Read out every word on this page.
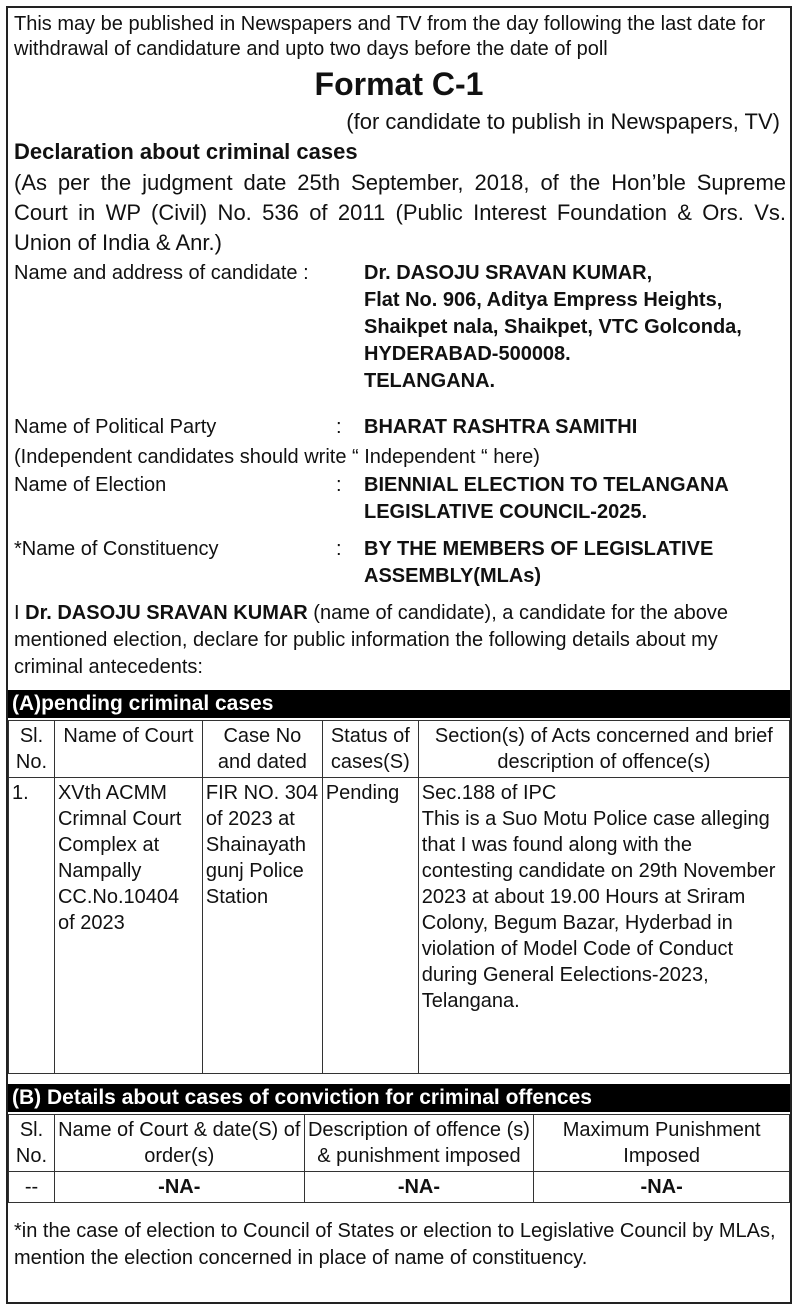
This may be published in Newspapers and TV from the day following the last date for withdrawal of candidature and upto two days before the date of poll
Format C-1
(for candidate to publish in Newspapers, TV)
Declaration about criminal cases
(As per the judgment date 25th September, 2018, of the Hon’ble Supreme Court in WP (Civil) No. 536 of 2011 (Public Interest Foundation & Ors. Vs. Union of India & Anr.)
Name and address of candidate :	Dr. DASOJU SRAVAN KUMAR,
Flat No. 906, Aditya Empress Heights,
Shaikpet nala, Shaikpet, VTC Golconda,
HYDERABAD-500008.
TELANGANA.
Name of Political Party	: BHARAT RASHTRA SAMITHI
(Independent candidates should write “ Independent “ here)
Name of Election	: BIENNIAL ELECTION TO TELANGANA
LEGISLATIVE COUNCIL-2025.
*Name of Constituency	: BY THE MEMBERS OF LEGISLATIVE
ASSEMBLY(MLAs)
I Dr. DASOJU SRAVAN KUMAR (name of candidate), a candidate for the above mentioned election, declare for public information the following details about my criminal antecedents:
(A)pending criminal cases
Sl. No.	Name of Court	Case No and dated	Status of cases(S)	Section(s) of Acts concerned and brief description of offence(s)
1.	XVth ACMM Crimnal Court Complex at Nampally CC.No.10404 of 2023	FIR NO. 304 of 2023 at Shainayath gunj Police Station	Pending	Sec.188 of IPC
This is a Suo Motu Police case alleging that I was found along with the contesting candidate on 29th November 2023 at about 19.00 Hours at Sriram Colony, Begum Bazar, Hyderbad in violation of Model Code of Conduct during General Eelections-2023, Telangana.
(B) Details about cases of conviction for criminal offences
Sl. No.	Name of Court & date(S) of order(s)	Description of offence (s) & punishment imposed	Maximum Punishment Imposed
--	-NA-	-NA-	-NA-
*in the case of election to Council of States or election to Legislative Council by MLAs, mention the election concerned in place of name of constituency.
